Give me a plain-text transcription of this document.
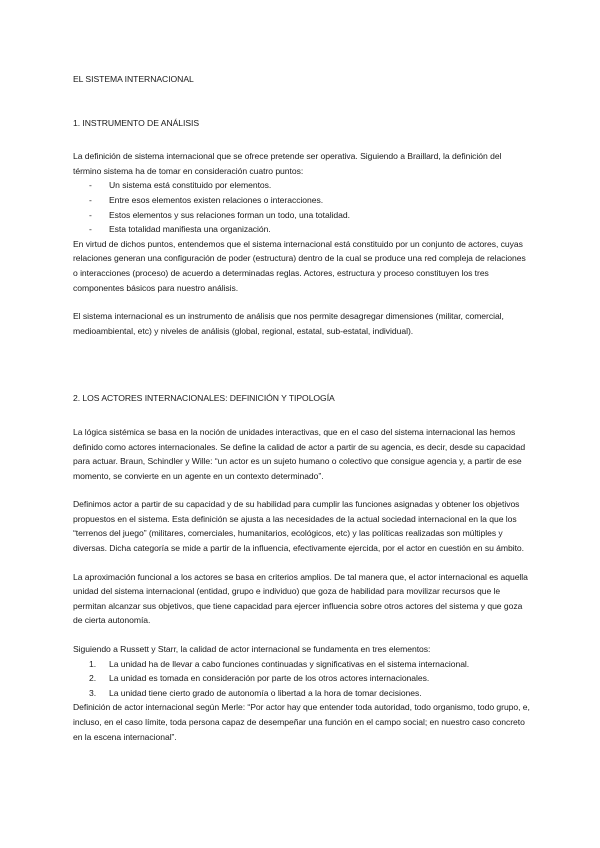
EL SISTEMA INTERNACIONAL

1. INSTRUMENTO DE ANÁLISIS

La definición de sistema internacional que se ofrece pretende ser operativa. Siguiendo a Braillard, la definición del término sistema ha de tomar en consideración cuatro puntos:

- Un sistema está constituido por elementos.
- Entre esos elementos existen relaciones o interacciones.
- Estos elementos y sus relaciones forman un todo, una totalidad.
- Esta totalidad manifiesta una organización.

En virtud de dichos puntos, entendemos que el sistema internacional está constituido por un conjunto de actores, cuyas relaciones generan una configuración de poder (estructura) dentro de la cual se produce una red compleja de relaciones o interacciones (proceso) de acuerdo a determinadas reglas. Actores, estructura y proceso constituyen los tres componentes básicos para nuestro análisis.

El sistema internacional es un instrumento de análisis que nos permite desagregar dimensiones (militar, comercial, medioambiental, etc) y niveles de análisis (global, regional, estatal, sub-estatal, individual).

2. LOS ACTORES INTERNACIONALES: DEFINICIÓN Y TIPOLOGÍA

La lógica sistémica se basa en la noción de unidades interactivas, que en el caso del sistema internacional las hemos definido como actores internacionales. Se define la calidad de actor a partir de su agencia, es decir, desde su capacidad para actuar. Braun, Schindler y Wille: “un actor es un sujeto humano o colectivo que consigue agencia y, a partir de ese momento, se convierte en un agente en un contexto determinado”.

Definimos actor a partir de su capacidad y de su habilidad para cumplir las funciones asignadas y obtener los objetivos propuestos en el sistema. Esta definición se ajusta a las necesidades de la actual sociedad internacional en la que los “terrenos del juego” (militares, comerciales, humanitarios, ecológicos, etc) y las políticas realizadas son múltiples y diversas. Dicha categoría se mide a partir de la influencia, efectivamente ejercida, por el actor en cuestión en su ámbito.

La aproximación funcional a los actores se basa en criterios amplios. De tal manera que, el actor internacional es aquella unidad del sistema internacional (entidad, grupo e individuo) que goza de habilidad para movilizar recursos que le permitan alcanzar sus objetivos, que tiene capacidad para ejercer influencia sobre otros actores del sistema y que goza de cierta autonomía.

Siguiendo a Russett y Starr, la calidad de actor internacional se fundamenta en tres elementos:

1. La unidad ha de llevar a cabo funciones continuadas y significativas en el sistema internacional.
2. La unidad es tomada en consideración por parte de los otros actores internacionales.
3. La unidad tiene cierto grado de autonomía o libertad a la hora de tomar decisiones.

Definición de actor internacional según Merle: “Por actor hay que entender toda autoridad, todo organismo, todo grupo, e, incluso, en el caso límite, toda persona capaz de desempeñar una función en el campo social; en nuestro caso concreto en la escena internacional”.
